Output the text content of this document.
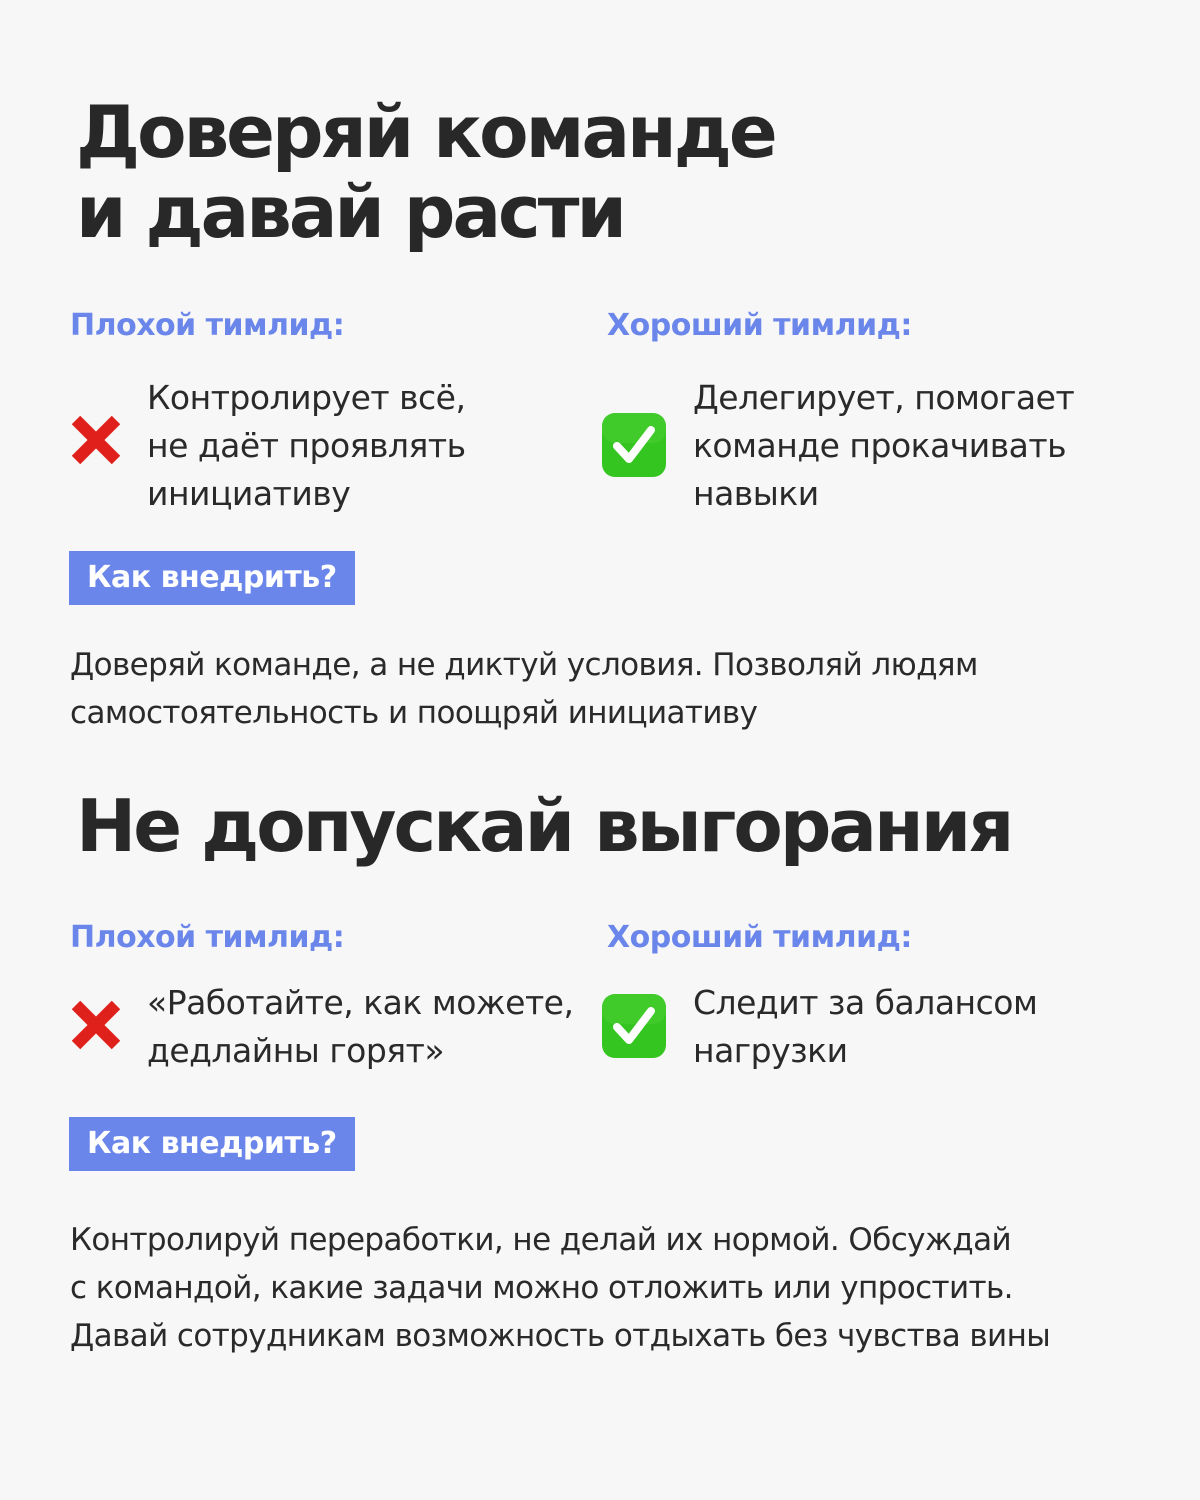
Доверяй команде
и давай расти
Плохой тимлид:	Хороший тимлид:
Контролирует всё,
не даёт проявлять
инициативу
Делегирует, помогает
команде прокачивать
навыки
Как внедрить?
Доверяй команде, а не диктуй условия. Позволяй людям
самостоятельность и поощряй инициативу
Не допускай выгорания
Плохой тимлид:	Хороший тимлид:
«Работайте, как можете,
дедлайны горят»
Следит за балансом
нагрузки
Как внедрить?
Контролируй переработки, не делай их нормой. Обсуждай
с командой, какие задачи можно отложить или упростить.
Давай сотрудникам возможность отдыхать без чувства вины
